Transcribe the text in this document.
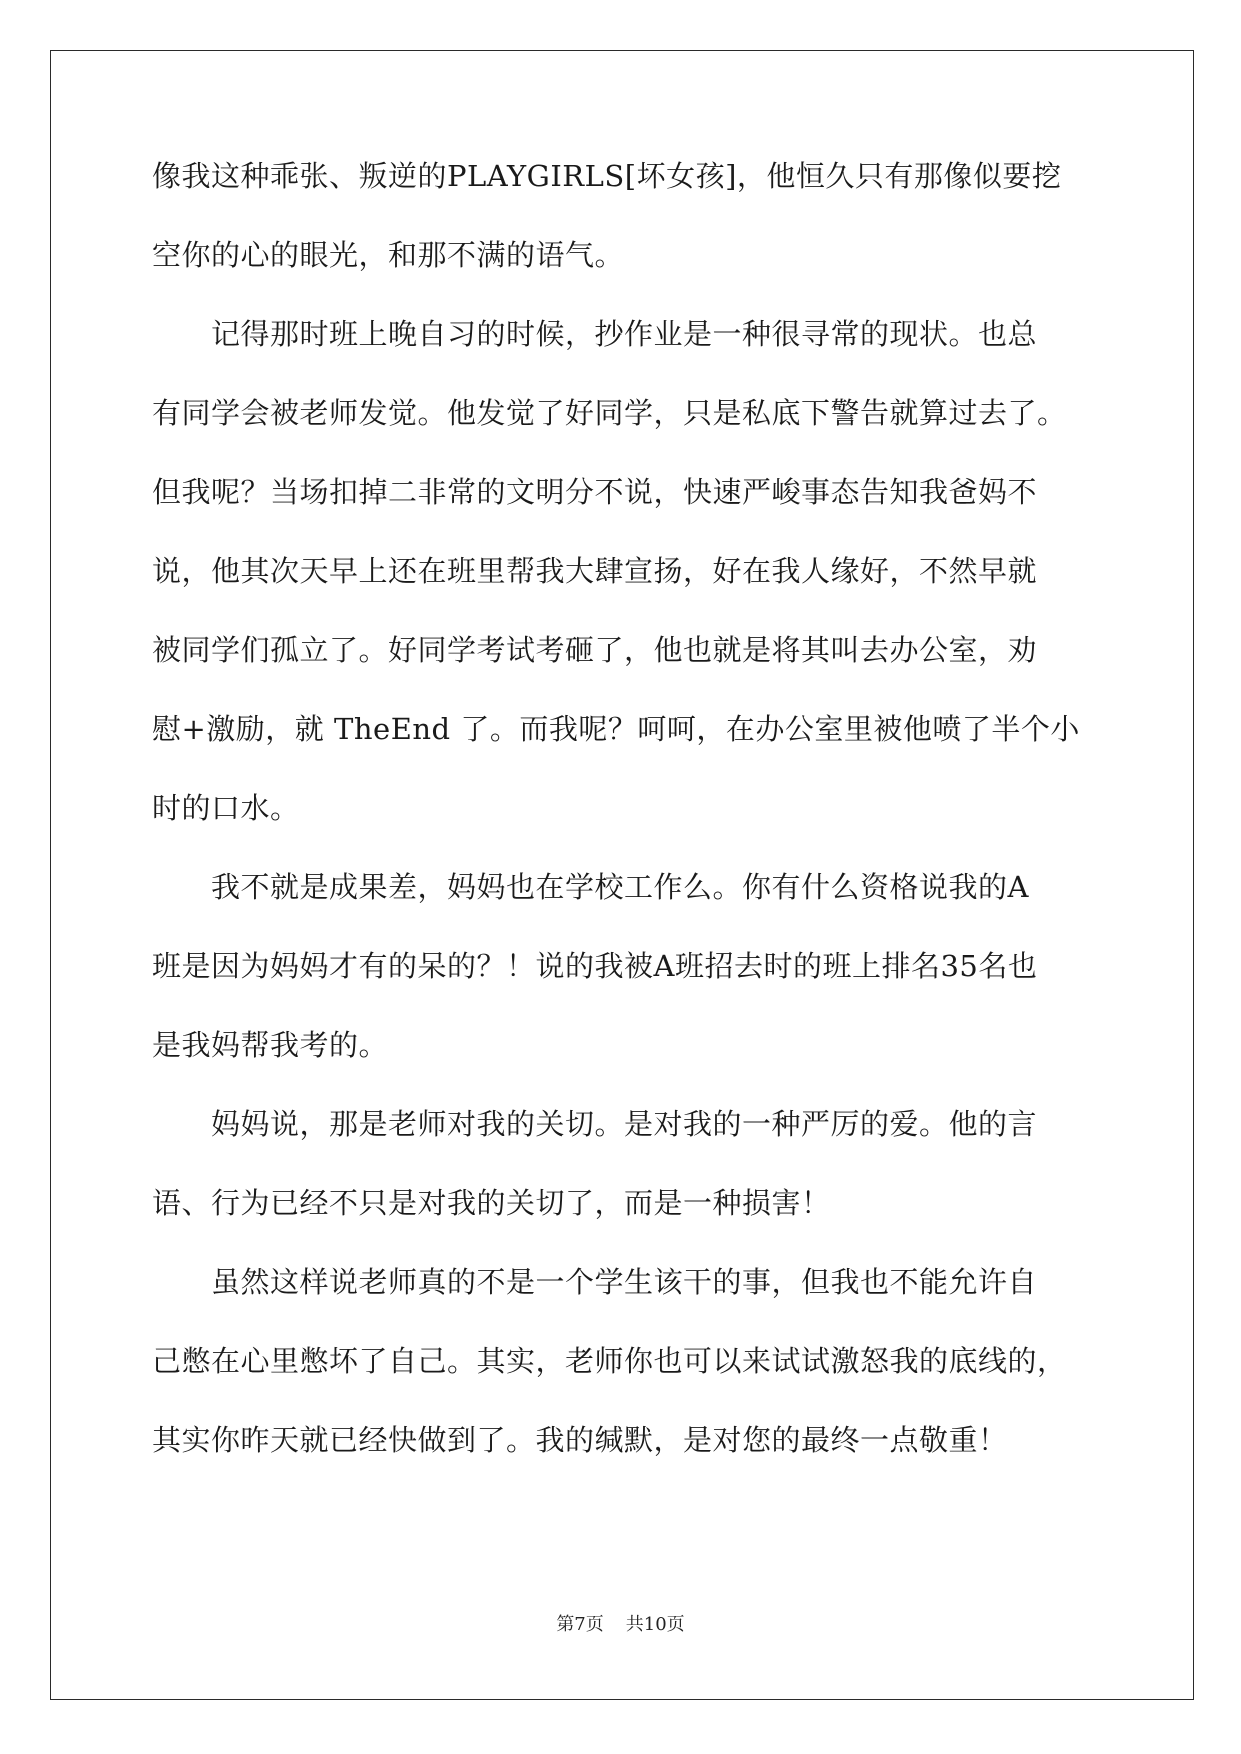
像我这种乖张、叛逆的PLAYGIRLS[坏女孩]，他恒久只有那像似要挖
空你的心的眼光，和那不满的语气。
　　记得那时班上晚自习的时候，抄作业是一种很寻常的现状。也总
有同学会被老师发觉。他发觉了好同学，只是私底下警告就算过去了。
但我呢？当场扣掉二非常的文明分不说，快速严峻事态告知我爸妈不
说，他其次天早上还在班里帮我大肆宣扬，好在我人缘好，不然早就
被同学们孤立了。好同学考试考砸了，他也就是将其叫去办公室，劝
慰+激励，就 TheEnd 了。而我呢？呵呵，在办公室里被他喷了半个小
时的口水。
　　我不就是成果差，妈妈也在学校工作么。你有什么资格说我的A
班是因为妈妈才有的呆的？！说的我被A班招去时的班上排名35名也
是我妈帮我考的。
　　妈妈说，那是老师对我的关切。是对我的一种严厉的爱。他的言
语、行为已经不只是对我的关切了，而是一种损害！
　　虽然这样说老师真的不是一个学生该干的事，但我也不能允许自
己憋在心里憋坏了自己。其实，老师你也可以来试试激怒我的底线的，
其实你昨天就已经快做到了。我的缄默，是对您的最终一点敬重！
第7页 共10页
